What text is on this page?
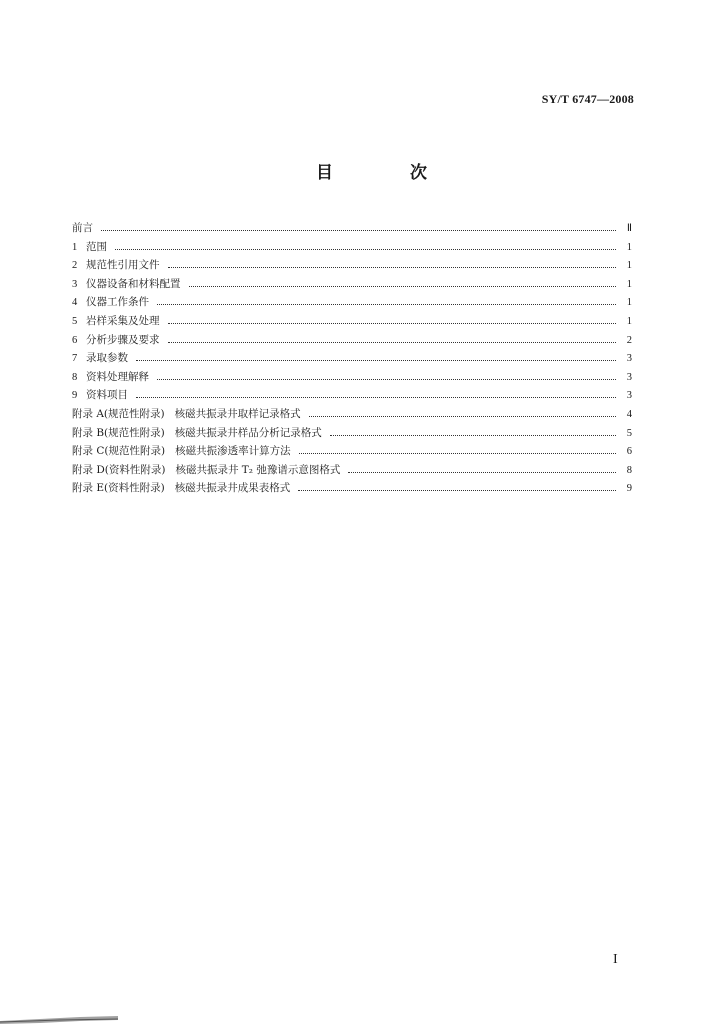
SY/T 6747—2008
目　次
前言	Ⅱ
1 范围	1
2 规范性引用文件	1
3 仪器设备和材料配置	1
4 仪器工作条件	1
5 岩样采集及处理	1
6 分析步骤及要求	2
7 录取参数	3
8 资料处理解释	3
9 资料项目	3
附录 A(规范性附录) 核磁共振录井取样记录格式	4
附录 B(规范性附录) 核磁共振录井样品分析记录格式	5
附录 C(规范性附录) 核磁共振渗透率计算方法	6
附录 D(资料性附录) 核磁共振录井 T₂ 弛豫谱示意图格式	8
附录 E(资料性附录) 核磁共振录井成果表格式	9
I
